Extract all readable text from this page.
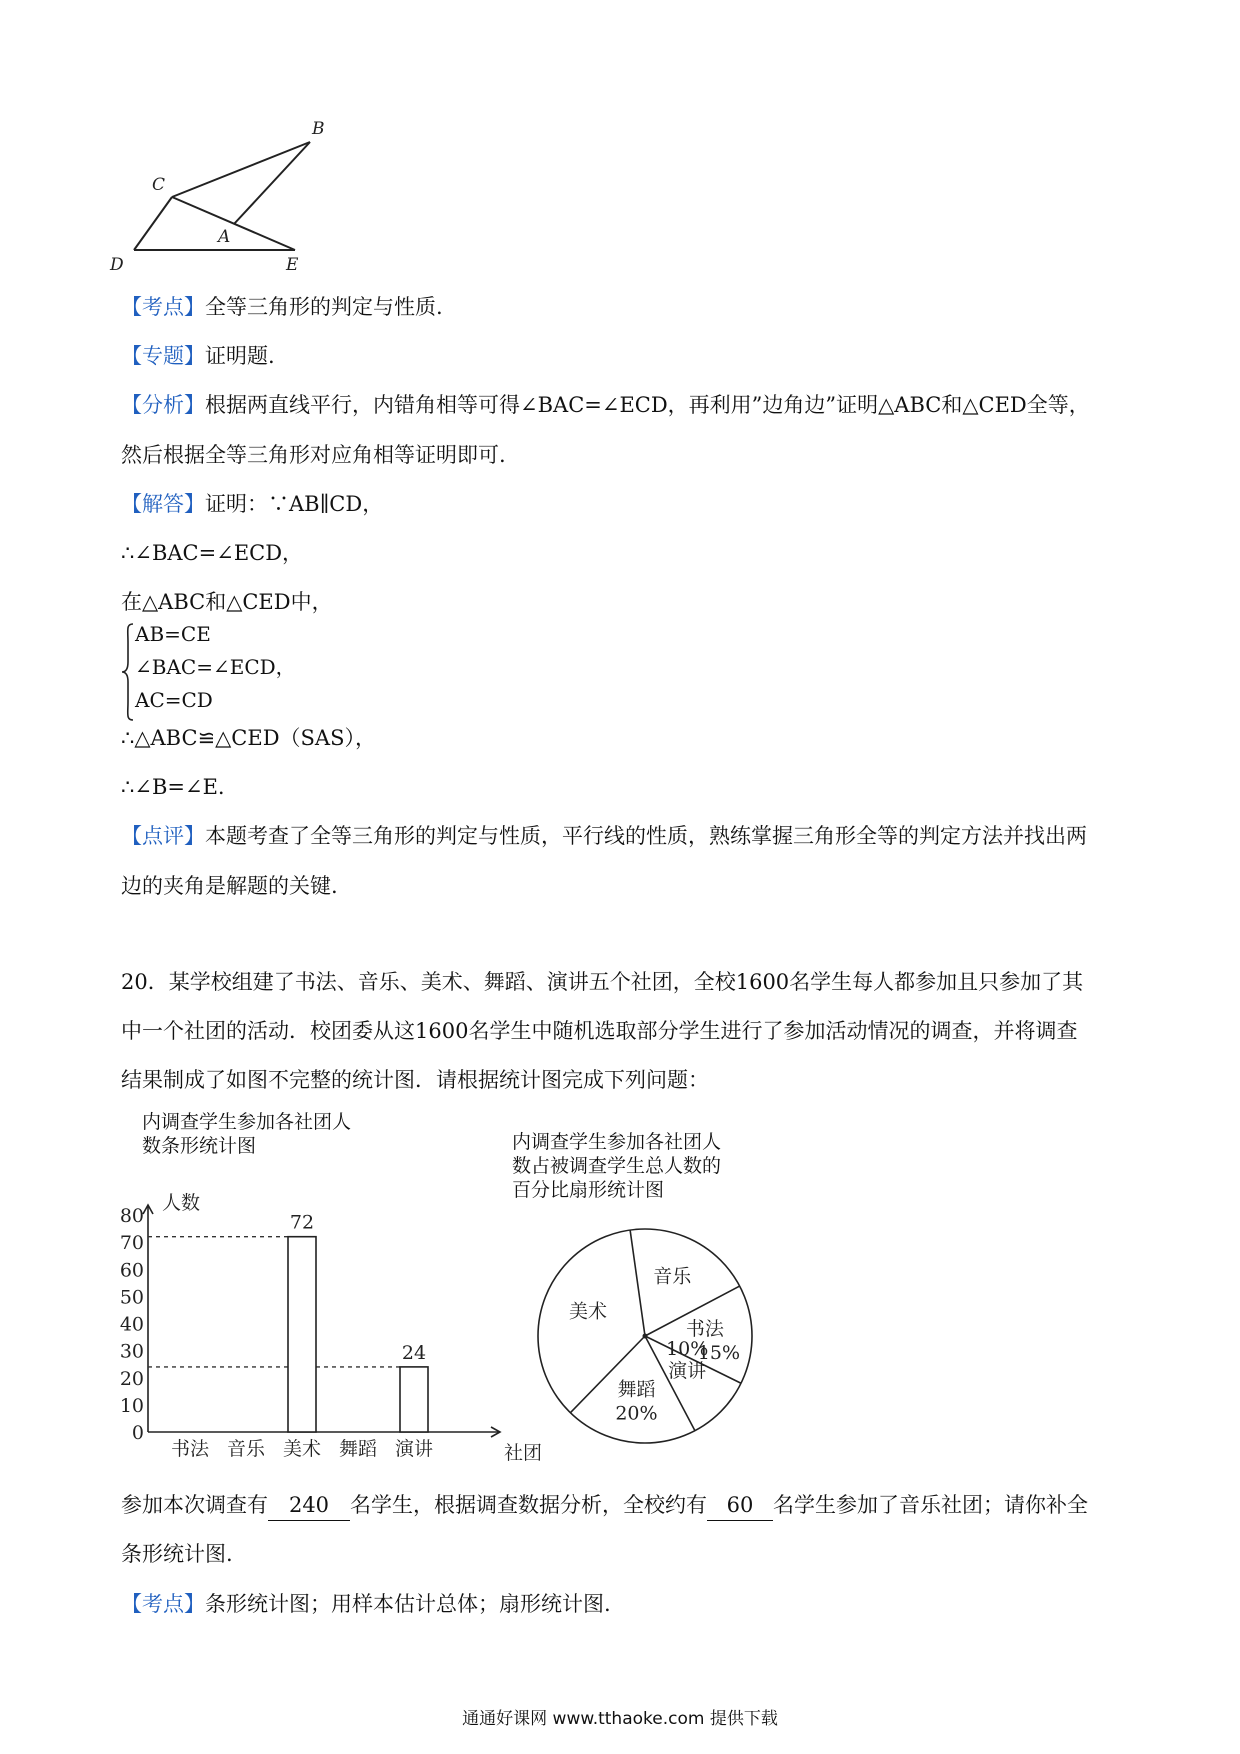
B
C
A
D	E
【考点】全等三角形的判定与性质.
【专题】证明题.
【分析】根据两直线平行，内错角相等可得∠BAC=∠ECD，再利用”边角边”证明△ABC和△CED全等，
然后根据全等三角形对应角相等证明即可.
【解答】证明：∵AB∥CD，
∴∠BAC=∠ECD，
在△ABC和△CED中，
AB=CE
∠BAC=∠ECD，
AC=CD
∴△ABC≌△CED（SAS），
∴∠B=∠E.
【点评】本题考查了全等三角形的判定与性质，平行线的性质，熟练掌握三角形全等的判定方法并找出两
边的夹角是解题的关键.
20．某学校组建了书法、音乐、美术、舞蹈、演讲五个社团，全校1600名学生每人都参加且只参加了其
中一个社团的活动．校团委从这1600名学生中随机选取部分学生进行了参加活动情况的调查，并将调查
结果制成了如图不完整的统计图．请根据统计图完成下列问题：
内调查学生参加各社团人
数条形统计图
人数
社团
0
10
20
30
40
50
60
70
80
书法 音乐 美术
72
舞蹈 演讲
24
内调查学生参加各社团人
数占被调查学生总人数的
百分比扇形统计图
音乐
书法
15%
演讲
10%
舞蹈
20%
美术
参加本次调查有 240 名学生，根据调查数据分析，全校约有 60 名学生参加了音乐社团；请你补全
条形统计图.
【考点】条形统计图；用样本估计总体；扇形统计图.
通通好课网 www.tthaoke.com 提供下载
